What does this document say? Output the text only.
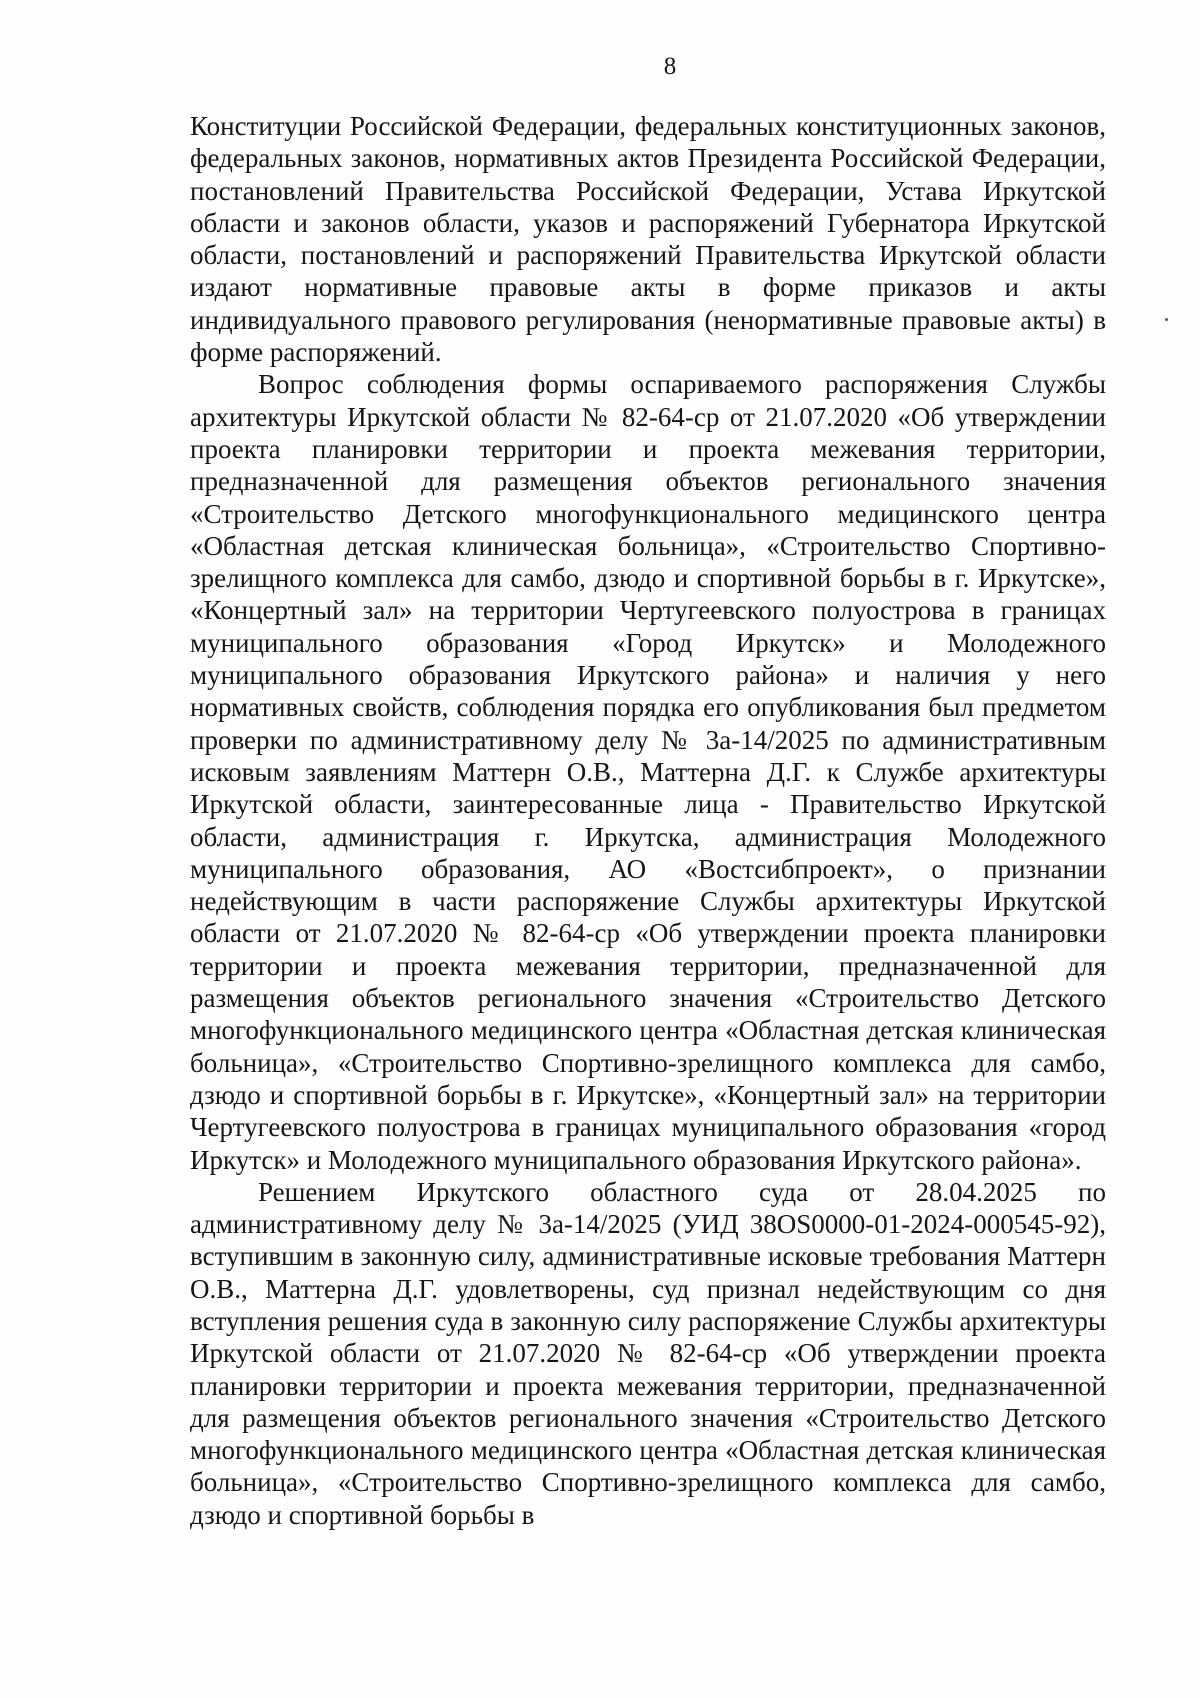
8

Конституции Российской Федерации, федеральных конституционных законов, федеральных законов, нормативных актов Президента Российской Федерации, постановлений Правительства Российской Федерации, Устава Иркутской области и законов области, указов и распоряжений Губернатора Иркутской области, постановлений и распоряжений Правительства Иркутской области издают нормативные правовые акты в форме приказов и акты индивидуального правового регулирования (ненормативные правовые акты) в форме распоряжений.

Вопрос соблюдения формы оспариваемого распоряжения Службы архитектуры Иркутской области № 82-64-ср от 21.07.2020 «Об утверждении проекта планировки территории и проекта межевания территории, предназначенной для размещения объектов регионального значения «Строительство Детского многофункционального медицинского центра «Областная детская клиническая больница», «Строительство Спортивно-зрелищного комплекса для самбо, дзюдо и спортивной борьбы в г. Иркутске», «Концертный зал» на территории Чертугеевского полуострова в границах муниципального образования «Город Иркутск» и Молодежного муниципального образования Иркутского района» и наличия у него нормативных свойств, соблюдения порядка его опубликования был предметом проверки по административному делу № 3а-14/2025 по административным исковым заявлениям Маттерн О.В., Маттерна Д.Г. к Службе архитектуры Иркутской области, заинтересованные лица - Правительство Иркутской области, администрация г. Иркутска, администрация Молодежного муниципального образования, АО «Востсибпроект», о признании недействующим в части распоряжение Службы архитектуры Иркутской области от 21.07.2020 № 82-64-ср «Об утверждении проекта планировки территории и проекта межевания территории, предназначенной для размещения объектов регионального значения «Строительство Детского многофункционального медицинского центра «Областная детская клиническая больница», «Строительство Спортивно-зрелищного комплекса для самбо, дзюдо и спортивной борьбы в г. Иркутске», «Концертный зал» на территории Чертугеевского полуострова в границах муниципального образования «город Иркутск» и Молодежного муниципального образования Иркутского района».

Решением Иркутского областного суда от 28.04.2025 по административному делу № 3а-14/2025 (УИД 38OS0000-01-2024-000545-92), вступившим в законную силу, административные исковые требования Маттерн О.В., Маттерна Д.Г. удовлетворены, суд признал недействующим со дня вступления решения суда в законную силу распоряжение Службы архитектуры Иркутской области от 21.07.2020 № 82-64-ср «Об утверждении проекта планировки территории и проекта межевания территории, предназначенной для размещения объектов регионального значения «Строительство Детского многофункционального медицинского центра «Областная детская клиническая больница», «Строительство Спортивно-зрелищного комплекса для самбо, дзюдо и спортивной борьбы в
